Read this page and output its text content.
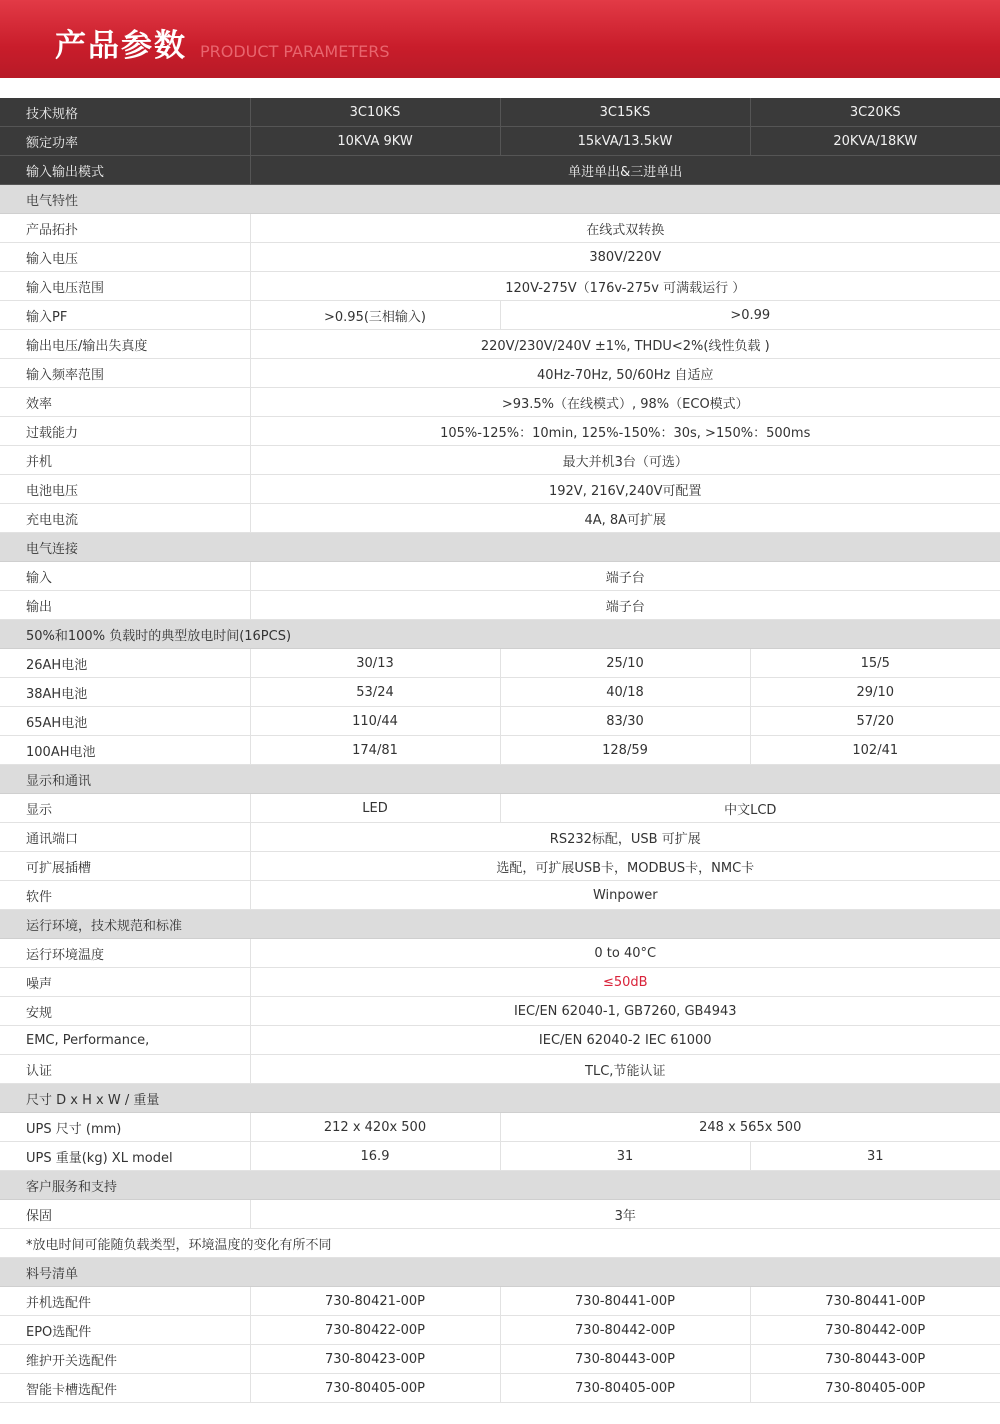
产品参数 PRODUCT PARAMETERS
技术规格	3C10KS	3C15KS	3C20KS
额定功率	10KVA 9KW	15kVA/13.5kW	20KVA/18KW
输入输出模式	单进单出&三进单出		
电气特性			
产品拓扑	在线式双转换		
输入电压	380V/220V		
输入电压范围	120V-275V（176v-275v 可满载运行 ）		
输入PF	>0.95(三相输入)	>0.99	
输出电压/输出失真度	220V/230V/240V ±1%, THDU<2%(线性负载 )		
输入频率范围	40Hz-70Hz, 50/60Hz 自适应		
效率	>93.5%（在线模式）, 98%（ECO模式）		
过载能力	105%-125%：10min, 125%-150%：30s, >150%：500ms		
并机	最大并机3台（可选）		
电池电压	192V, 216V,240V可配置		
充电电流	4A, 8A可扩展		
电气连接			
输入	端子台		
输出	端子台		
50%和100% 负载时的典型放电时间(16PCS)			
26AH电池	30/13	25/10	15/5
38AH电池	53/24	40/18	29/10
65AH电池	110/44	83/30	57/20
100AH电池	174/81	128/59	102/41
显示和通讯			
显示	LED	中文LCD	
通讯端口	RS232标配，USB 可扩展		
可扩展插槽	选配，可扩展USB卡，MODBUS卡，NMC卡		
软件	Winpower		
运行环境，技术规范和标准			
运行环境温度	0 to 40°C		
噪声	≤50dB		
安规	IEC/EN 62040-1, GB7260, GB4943		
EMC, Performance,	IEC/EN 62040-2 IEC 61000		
认证	TLC,节能认证		
尺寸 D x H x W / 重量			
UPS 尺寸 (mm)	212 x 420x 500	248 x 565x 500	
UPS 重量(kg) XL model	16.9	31	31
客户服务和支持			
保固	3年		
*放电时间可能随负载类型，环境温度的变化有所不同			
料号清单			
并机选配件	730-80421-00P	730-80441-00P	730-80441-00P
EPO选配件	730-80422-00P	730-80442-00P	730-80442-00P
维护开关选配件	730-80423-00P	730-80443-00P	730-80443-00P
智能卡槽选配件	730-80405-00P	730-80405-00P	730-80405-00P
